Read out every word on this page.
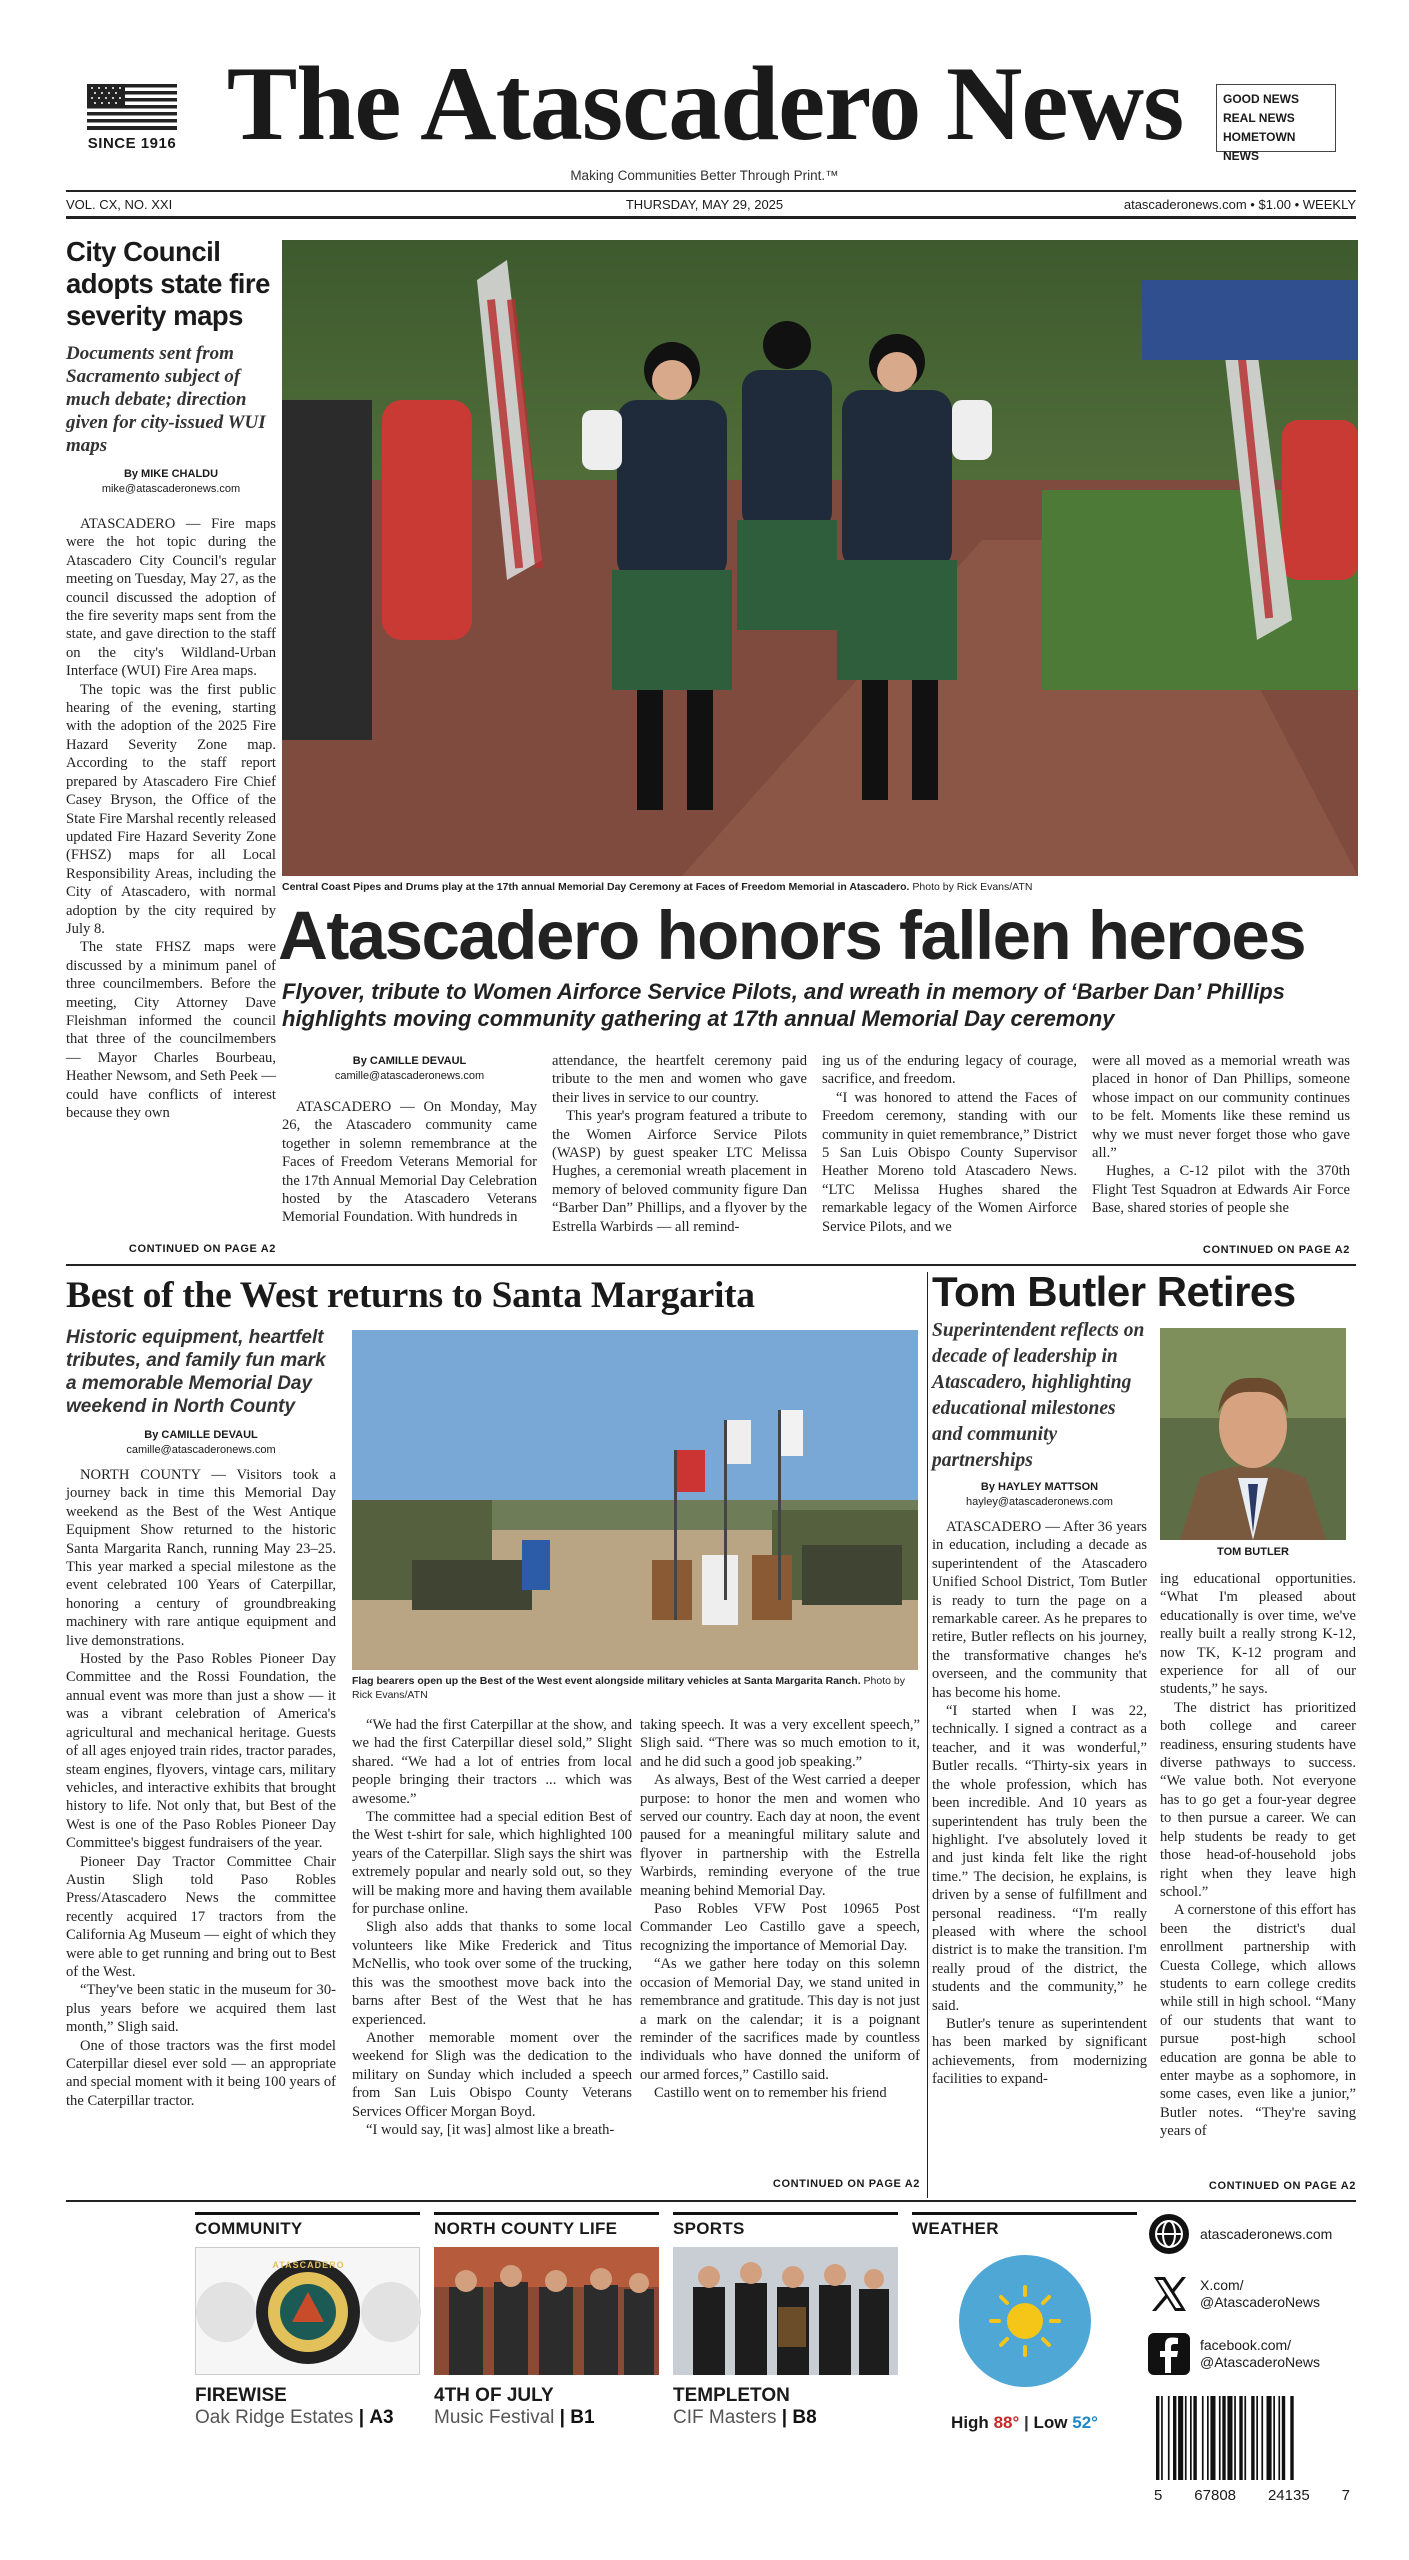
SINCE 1916 The Atascadero News	GOOD NEWS
REAL NEWS
HOMETOWN NEWS
Making Communities Better Through Print.™
VOL. CX, NO. XXI	THURSDAY, MAY 29, 2025	atascaderonews.com • $1.00 • WEEKLY
City Council adopts state fire severity maps
Documents sent from Sacramento subject of much debate; direction given for city-issued WUI maps
By MIKE CHALDU
mike@atascaderonews.com

ATASCADERO — Fire maps were the hot topic during the Atascadero City Council's regular meeting on Tuesday, May 27, as the council discussed the adoption of the fire severity maps sent from the state, and gave direction to the staff on the city's Wildland-Urban Interface (WUI) Fire Area maps.

The topic was the first public hearing of the evening, starting with the adoption of the 2025 Fire Hazard Severity Zone map. According to the staff report prepared by Atascadero Fire Chief Casey Bryson, the Office of the State Fire Marshal recently released updated Fire Hazard Severity Zone (FHSZ) maps for all Local Responsibility Areas, including the City of Atascadero, with normal adoption by the city required by July 8.

The state FHSZ maps were discussed by a minimum panel of three councilmembers. Before the meeting, City Attorney Dave Fleishman informed the council that three of the councilmembers — Mayor Charles Bourbeau, Heather Newsom, and Seth Peek — could have conflicts of interest because they own

CONTINUED ON PAGE A2
Central Coast Pipes and Drums play at the 17th annual Memorial Day Ceremony at Faces of Freedom Memorial in Atascadero. Photo by Rick Evans/ATN
Atascadero honors fallen heroes
Flyover, tribute to Women Airforce Service Pilots, and wreath in memory of ‘Barber Dan’ Phillips highlights moving community gathering at 17th annual Memorial Day ceremony
By CAMILLE DEVAUL
camille@atascaderonews.com

ATASCADERO — On Monday, May 26, the Atascadero community came together in solemn remembrance at the Faces of Freedom Veterans Memorial for the 17th Annual Memorial Day Celebration hosted by the Atascadero Veterans Memorial Foundation. With hundreds in

attendance, the heartfelt ceremony paid tribute to the men and women who gave their lives in service to our country.

This year's program featured a tribute to the Women Airforce Service Pilots (WASP) by guest speaker LTC Melissa Hughes, a ceremonial wreath placement in memory of beloved community figure Dan “Barber Dan” Phillips, and a flyover by the Estrella Warbirds — all remind-

ing us of the enduring legacy of courage, sacrifice, and freedom.

“I was honored to attend the Faces of Freedom ceremony, standing with our community in quiet remembrance,” District 5 San Luis Obispo County Supervisor Heather Moreno told Atascadero News. “LTC Melissa Hughes shared the remarkable legacy of the Women Airforce Service Pilots, and we

were all moved as a memorial wreath was placed in honor of Dan Phillips, someone whose impact on our community continues to be felt. Moments like these remind us why we must never forget those who gave all.”

Hughes, a C-12 pilot with the 370th Flight Test Squadron at Edwards Air Force Base, shared stories of people she

CONTINUED ON PAGE A2
Best of the West returns to Santa Margarita
Historic equipment, heartfelt tributes, and family fun mark a memorable Memorial Day weekend in North County
By CAMILLE DEVAUL
camille@atascaderonews.com

NORTH COUNTY — Visitors took a journey back in time this Memorial Day weekend as the Best of the West Antique Equipment Show returned to the historic Santa Margarita Ranch, running May 23–25. This year marked a special milestone as the event celebrated 100 Years of Caterpillar, honoring a century of groundbreaking machinery with rare antique equipment and live demonstrations.

Hosted by the Paso Robles Pioneer Day Committee and the Rossi Foundation, the annual event was more than just a show — it was a vibrant celebration of America's agricultural and mechanical heritage. Guests of all ages enjoyed train rides, tractor parades, steam engines, flyovers, vintage cars, military vehicles, and interactive exhibits that brought history to life. Not only that, but Best of the West is one of the Paso Robles Pioneer Day Committee's biggest fundraisers of the year.

Pioneer Day Tractor Committee Chair Austin Sligh told Paso Robles Press/Atascadero News the committee recently acquired 17 tractors from the California Ag Museum — eight of which they were able to get running and bring out to Best of the West.

“They've been static in the museum for 30-plus years before we acquired them last month,” Sligh said.

One of those tractors was the first model Caterpillar diesel ever sold — an appropriate and special moment with it being 100 years of the Caterpillar tractor.

Flag bearers open up the Best of the West event alongside military vehicles at Santa Margarita Ranch. Photo by Rick Evans/ATN

“We had the first Caterpillar at the show, and we had the first Caterpillar diesel sold,” Slight shared. “We had a lot of entries from local people bringing their tractors ... which was awesome.”

The committee had a special edition Best of the West t-shirt for sale, which highlighted 100 years of the Caterpillar. Sligh says the shirt was extremely popular and nearly sold out, so they will be making more and having them available for purchase online.

Sligh also adds that thanks to some local volunteers like Mike Frederick and Titus McNellis, who took over some of the trucking, this was the smoothest move back into the barns after Best of the West that he has experienced.

Another memorable moment over the weekend for Sligh was the dedication to the military on Sunday which included a speech from San Luis Obispo County Veterans Services Officer Morgan Boyd.

“I would say, [it was] almost like a breath-

taking speech. It was a very excellent speech,” Sligh said. “There was so much emotion to it, and he did such a good job speaking.”

As always, Best of the West carried a deeper purpose: to honor the men and women who served our country. Each day at noon, the event paused for a meaningful military salute and flyover in partnership with the Estrella Warbirds, reminding everyone of the true meaning behind Memorial Day.

Paso Robles VFW Post 10965 Post Commander Leo Castillo gave a speech, recognizing the importance of Memorial Day.

“As we gather here today on this solemn occasion of Memorial Day, we stand united in remembrance and gratitude. This day is not just a mark on the calendar; it is a poignant reminder of the sacrifices made by countless individuals who have donned the uniform of our armed forces,” Castillo said.

Castillo went on to remember his friend

CONTINUED ON PAGE A2
Tom Butler Retires
Superintendent reflects on decade of leadership in Atascadero, highlighting educational milestones and community partnerships
By HAYLEY MATTSON
hayley@atascaderonews.com

ATASCADERO — After 36 years in education, including a decade as superintendent of the Atascadero Unified School District, Tom Butler is ready to turn the page on a remarkable career. As he prepares to retire, Butler reflects on his journey, the transformative changes he's overseen, and the community that has become his home.

“I started when I was 22, technically. I signed a contract as a teacher, and it was wonderful,” Butler recalls. “Thirty-six years in the whole profession, which has been incredible. And 10 years as superintendent has truly been the highlight. I've absolutely loved it and just kinda felt like the right time.” The decision, he explains, is driven by a sense of fulfillment and personal readiness. “I'm really pleased with where the school district is to make the transition. I'm really proud of the district, the students and the community,” he said.

Butler's tenure as superintendent has been marked by significant achievements, from modernizing facilities to expand-

TOM BUTLER

ing educational opportunities. “What I'm pleased about educationally is over time, we've really built a really strong K-12, now TK, K-12 program and experience for all of our students,” he says.

The district has prioritized both college and career readiness, ensuring students have diverse pathways to success. “We value both. Not everyone has to go get a four-year degree to then pursue a career. We can help students be ready to get those head-of-household jobs right when they leave high school.”

A cornerstone of this effort has been the district's dual enrollment partnership with Cuesta College, which allows students to earn college credits while still in high school. “Many of our students that want to pursue post-high school education are gonna be able to enter maybe as a sophomore, in some cases, even like a junior,” Butler notes. “They're saving years of

CONTINUED ON PAGE A2
COMMUNITY
ATASCADERO
FIREWISE
Oak Ridge Estates | A3
NORTH COUNTY LIFE
4TH OF JULY
Music Festival | B1
SPORTS
TEMPLETON
CIF Masters | B8
WEATHER
High 88° | Low 52°
atascaderonews.com
X.com/
@AtascaderoNews
facebook.com/
@AtascaderoNews
5 67808 24135 7
